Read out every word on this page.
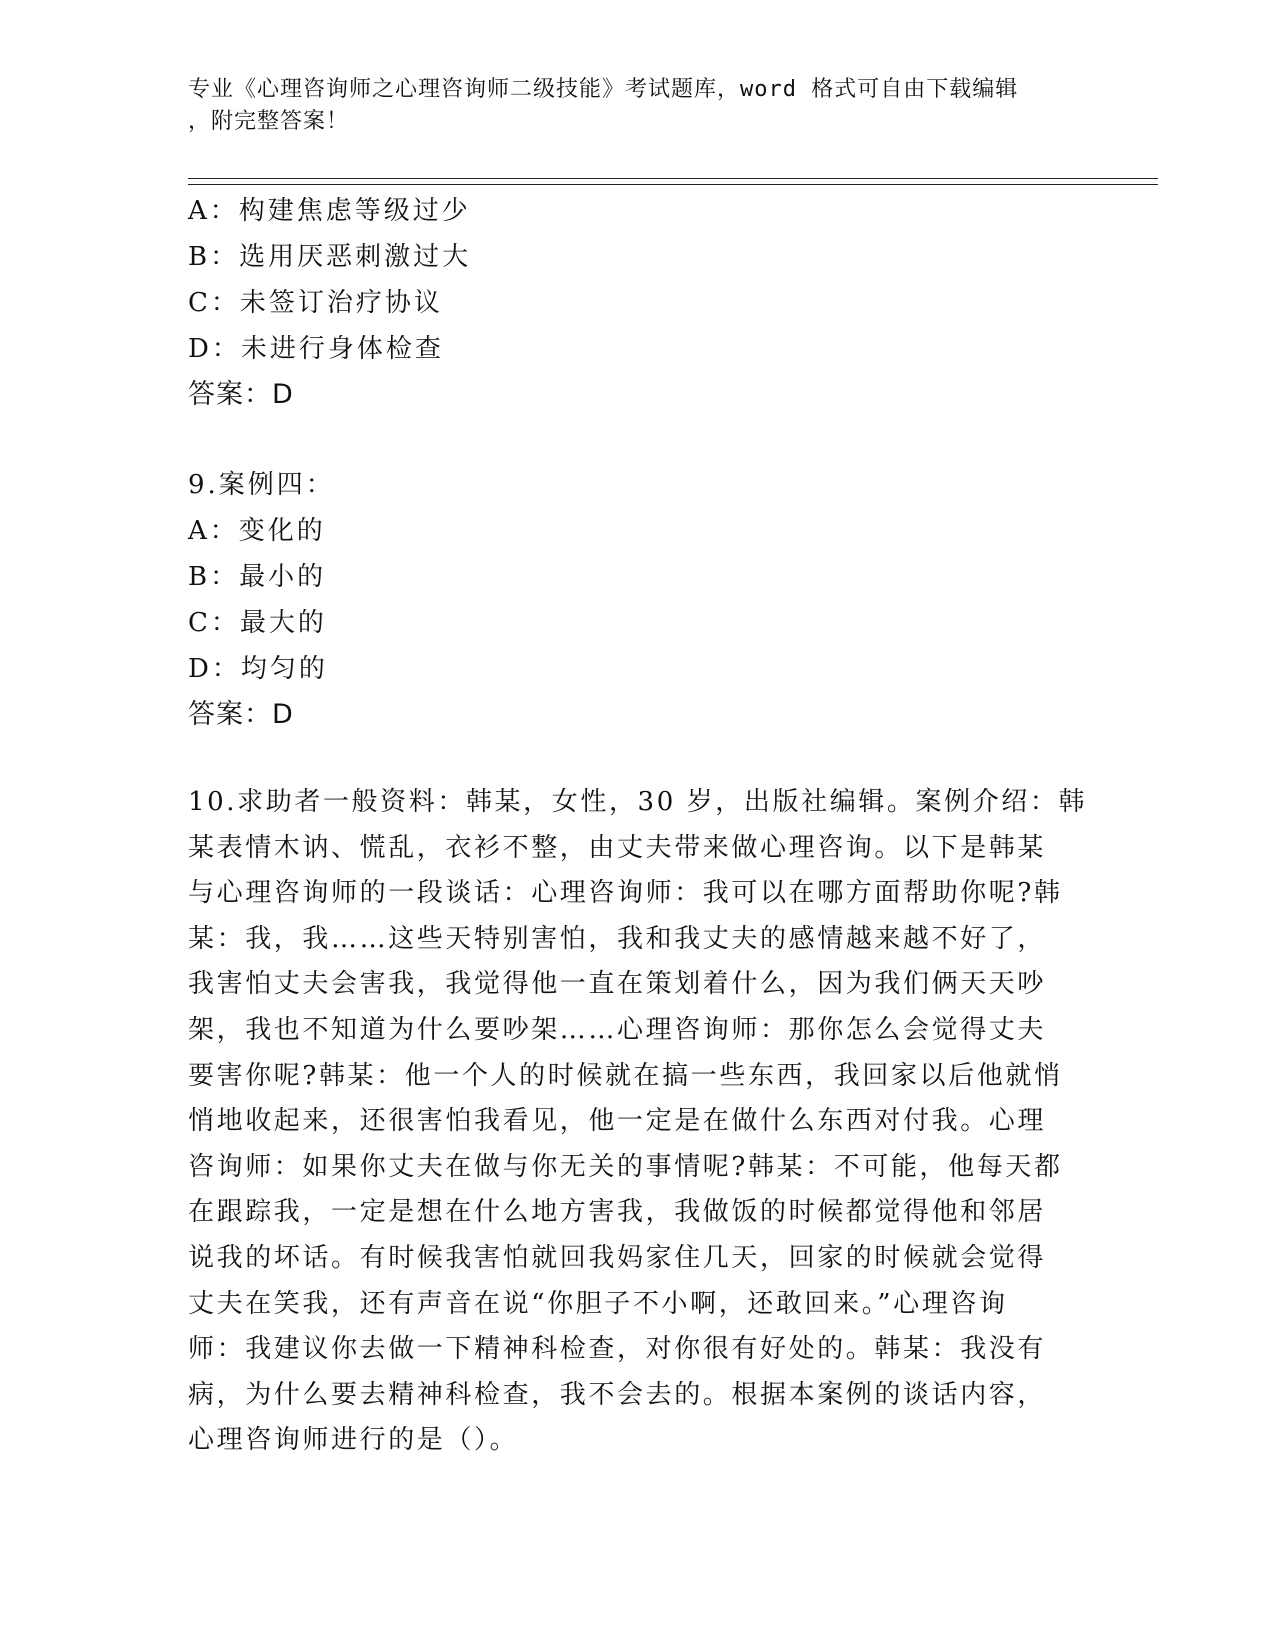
专业《心理咨询师之心理咨询师二级技能》考试题库，word 格式可自由下载编辑
，附完整答案！
A：构建焦虑等级过少
B：选用厌恶刺激过大
C：未签订治疗协议
D：未进行身体检查
答案：D
9.案例四：
A：变化的
B：最小的
C：最大的
D：均匀的
答案：D
10.求助者一般资料：韩某，女性，30 岁，出版社编辑。案例介绍：韩
某表情木讷、慌乱，衣衫不整，由丈夫带来做心理咨询。以下是韩某
与心理咨询师的一段谈话：心理咨询师：我可以在哪方面帮助你呢?韩
某：我，我……这些天特别害怕，我和我丈夫的感情越来越不好了，
我害怕丈夫会害我，我觉得他一直在策划着什么，因为我们俩天天吵
架，我也不知道为什么要吵架……心理咨询师：那你怎么会觉得丈夫
要害你呢?韩某：他一个人的时候就在搞一些东西，我回家以后他就悄
悄地收起来，还很害怕我看见，他一定是在做什么东西对付我。心理
咨询师：如果你丈夫在做与你无关的事情呢?韩某：不可能，他每天都
在跟踪我，一定是想在什么地方害我，我做饭的时候都觉得他和邻居
说我的坏话。有时候我害怕就回我妈家住几天，回家的时候就会觉得
丈夫在笑我，还有声音在说“你胆子不小啊，还敢回来。”心理咨询
师：我建议你去做一下精神科检查，对你很有好处的。韩某：我没有
病，为什么要去精神科检查，我不会去的。根据本案例的谈话内容，
心理咨询师进行的是（）。
